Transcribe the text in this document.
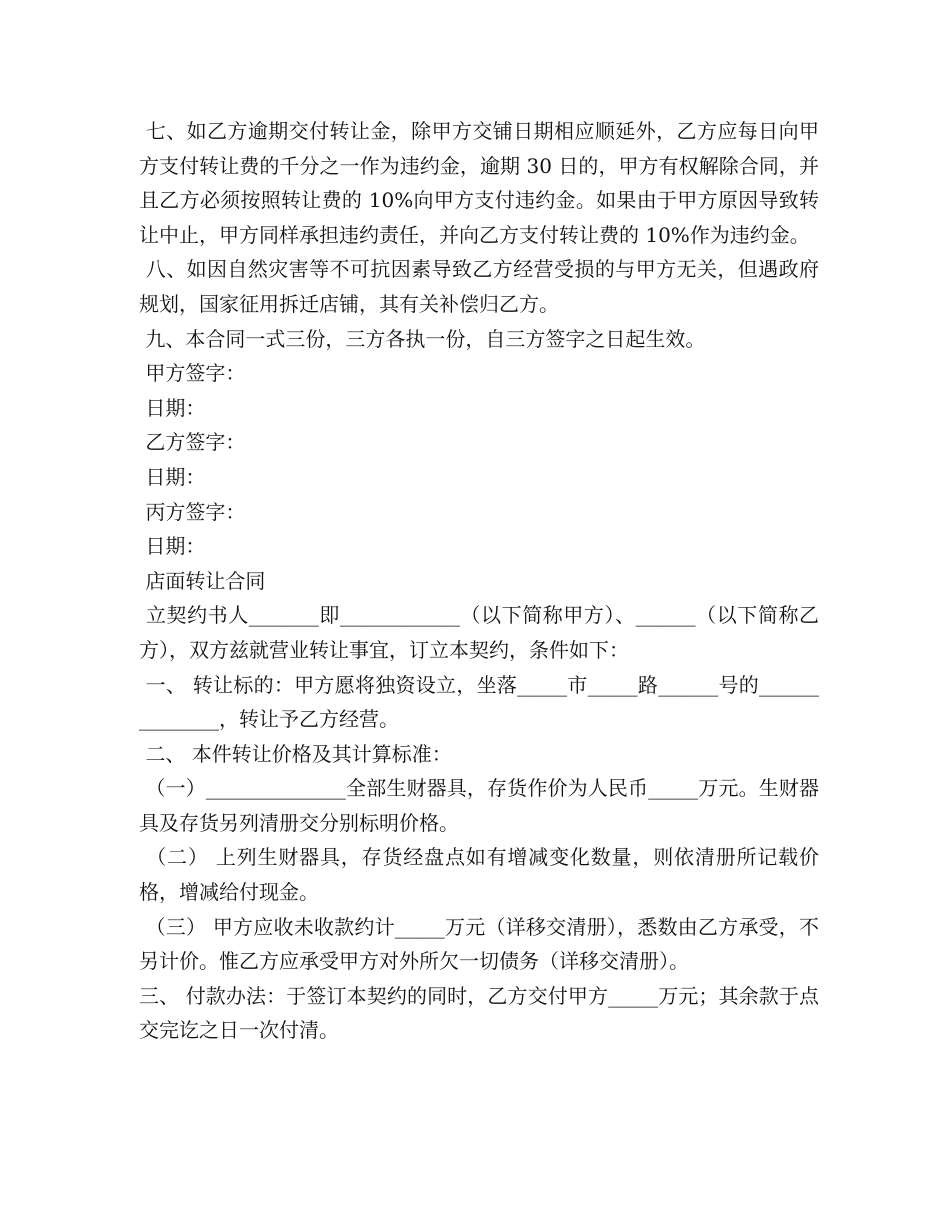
七、如乙方逾期交付转让金，除甲方交铺日期相应顺延外，乙方应每日向甲方支付转让费的千分之一作为违约金，逾期 30 日的，甲方有权解除合同，并且乙方必须按照转让费的 10%向甲方支付违约金。如果由于甲方原因导致转让中止，甲方同样承担违约责任，并向乙方支付转让费的 10%作为违约金。

八、如因自然灾害等不可抗因素导致乙方经营受损的与甲方无关，但遇政府规划，国家征用拆迁店铺，其有关补偿归乙方。

九、本合同一式三份，三方各执一份，自三方签字之日起生效。

甲方签字：

日期：

乙方签字：

日期：

丙方签字：

日期：

店面转让合同

立契约书人_______即____________（以下简称甲方）、______（以下简称乙方），双方兹就营业转让事宜，订立本契约，条件如下：

一、 转让标的：甲方愿将独资设立，坐落_____市_____路______号的______________，转让予乙方经营。

二、 本件转让价格及其计算标准：

（一）______________全部生财器具，存货作价为人民币_____万元。生财器具及存货另列清册交分别标明价格。

（二） 上列生财器具，存货经盘点如有增减变化数量，则依清册所记载价格，增减给付现金。

（三） 甲方应收未收款约计_____万元（详移交清册），悉数由乙方承受，不另计价。惟乙方应承受甲方对外所欠一切债务（详移交清册）。

三、 付款办法：于签订本契约的同时，乙方交付甲方_____万元；其余款于点交完讫之日一次付清。
